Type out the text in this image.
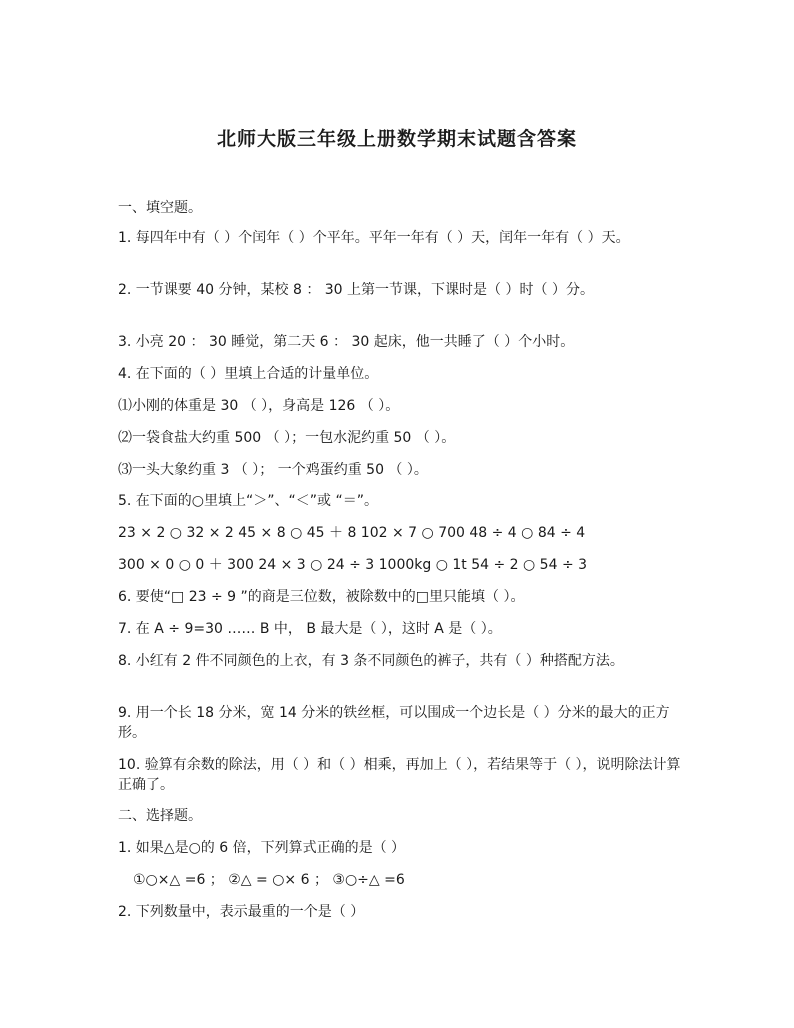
北师大版三年级上册数学期末试题含答案
一、填空题。
1. 每四年中有（ ）个闰年（ ）个平年。平年一年有（ ）天，闰年一年有（ ）天。
2. 一节课要 40 分钟，某校 8 ： 30 上第一节课，下课时是（ ）时（ ）分。
3. 小亮 20 ： 30 睡觉，第二天 6 ： 30 起床，他一共睡了（ ）个小时。
4. 在下面的（ ）里填上合适的计量单位。
⑴小刚的体重是 30 （ ），身高是 126 （ ）。
⑵一袋食盐大约重 500 （ ）；一包水泥约重 50 （ ）。
⑶一头大象约重 3 （ ）； 一个鸡蛋约重 50 （ ）。
5. 在下面的○里填上“＞”、“＜”或 “＝”。
23 × 2 ○ 32 × 2 45 × 8 ○ 45 ＋ 8 102 × 7 ○ 700 48 ÷ 4 ○ 84 ÷ 4
300 × 0 ○ 0 ＋ 300 24 × 3 ○ 24 ÷ 3 1000kg ○ 1t 54 ÷ 2 ○ 54 ÷ 3
6. 要使“□ 23 ÷ 9 ”的商是三位数，被除数中的□里只能填（ ）。
7. 在 A ÷ 9=30 …… B 中， B 最大是（ ），这时 A 是（ ）。
8. 小红有 2 件不同颜色的上衣，有 3 条不同颜色的裤子，共有（ ）种搭配方法。
9. 用一个长 18 分米，宽 14 分米的铁丝框，可以围成一个边长是（ ）分米的最大的正方形。
10. 验算有余数的除法，用（ ）和（ ）相乘，再加上（ ），若结果等于（ ），说明除法计算正确了。
二、选择题。
1. 如果△是○的 6 倍，下列算式正确的是（ ）
①○×△ =6 ； ②△ = ○× 6 ； ③○÷△ =6
2. 下列数量中，表示最重的一个是（ ）
